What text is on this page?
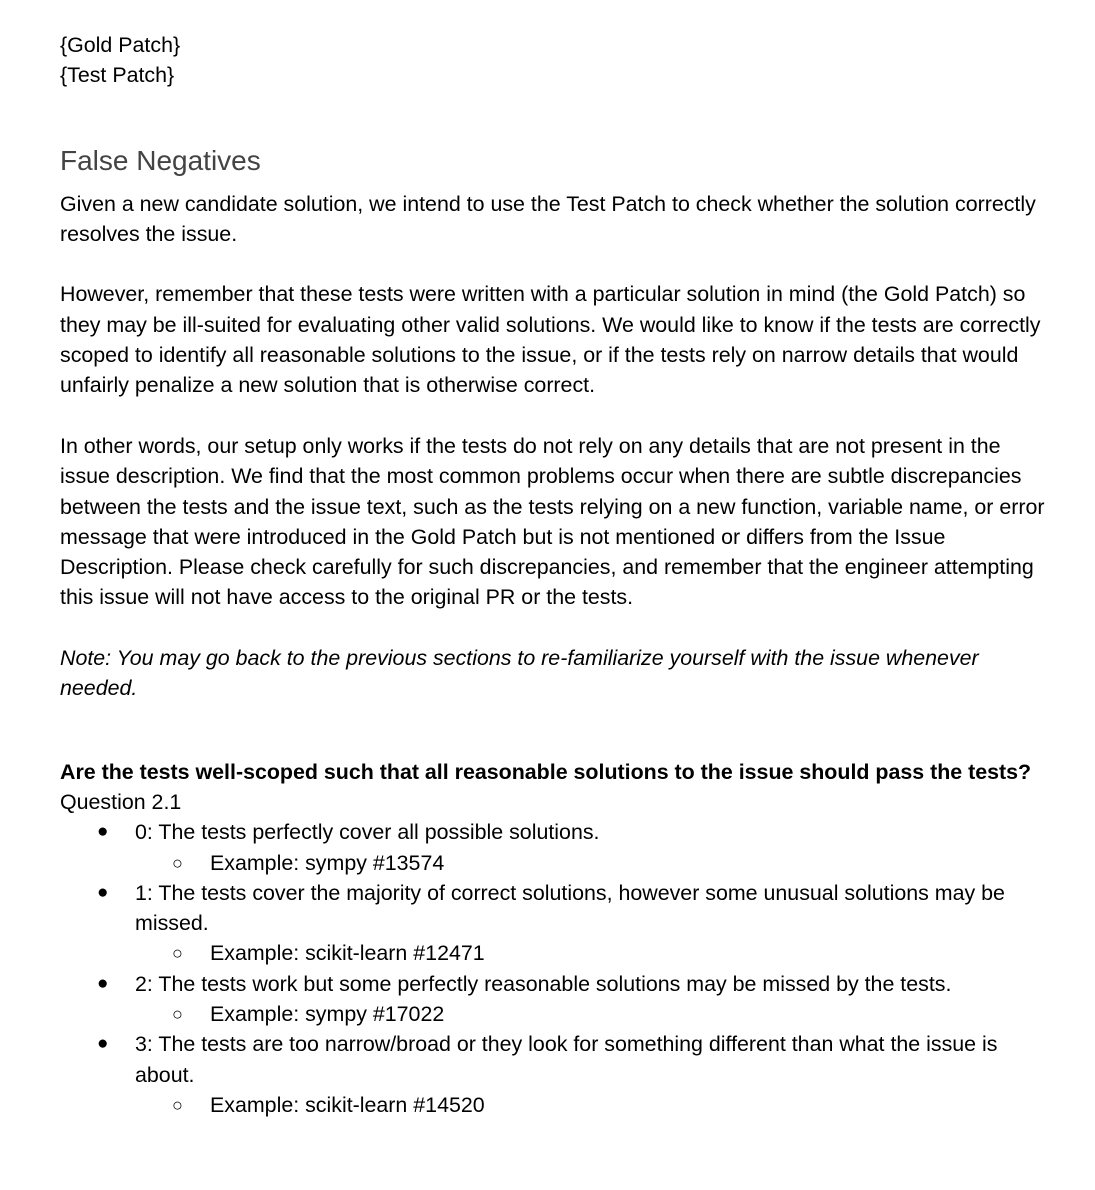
{Gold Patch}
{Test Patch}
False Negatives

Given a new candidate solution, we intend to use the Test Patch to check whether the solution correctly resolves the issue.

However, remember that these tests were written with a particular solution in mind (the Gold Patch) so they may be ill-suited for evaluating other valid solutions. We would like to know if the tests are correctly scoped to identify all reasonable solutions to the issue, or if the tests rely on narrow details that would unfairly penalize a new solution that is otherwise correct.

In other words, our setup only works if the tests do not rely on any details that are not present in the issue description. We find that the most common problems occur when there are subtle discrepancies between the tests and the issue text, such as the tests relying on a new function, variable name, or error message that were introduced in the Gold Patch but is not mentioned or differs from the Issue Description. Please check carefully for such discrepancies, and remember that the engineer attempting this issue will not have access to the original PR or the tests.

Note: You may go back to the previous sections to re-familiarize yourself with the issue whenever needed.

Are the tests well-scoped such that all reasonable solutions to the issue should pass the tests?

Question 2.1

● 0: The tests perfectly cover all possible solutions.
○ Example: sympy #13574
● 1: The tests cover the majority of correct solutions, however some unusual solutions may be missed.
○ Example: scikit-learn #12471
● 2: The tests work but some perfectly reasonable solutions may be missed by the tests.
○ Example: sympy #17022
● 3: The tests are too narrow/broad or they look for something different than what the issue is about.
○ Example: scikit-learn #14520
